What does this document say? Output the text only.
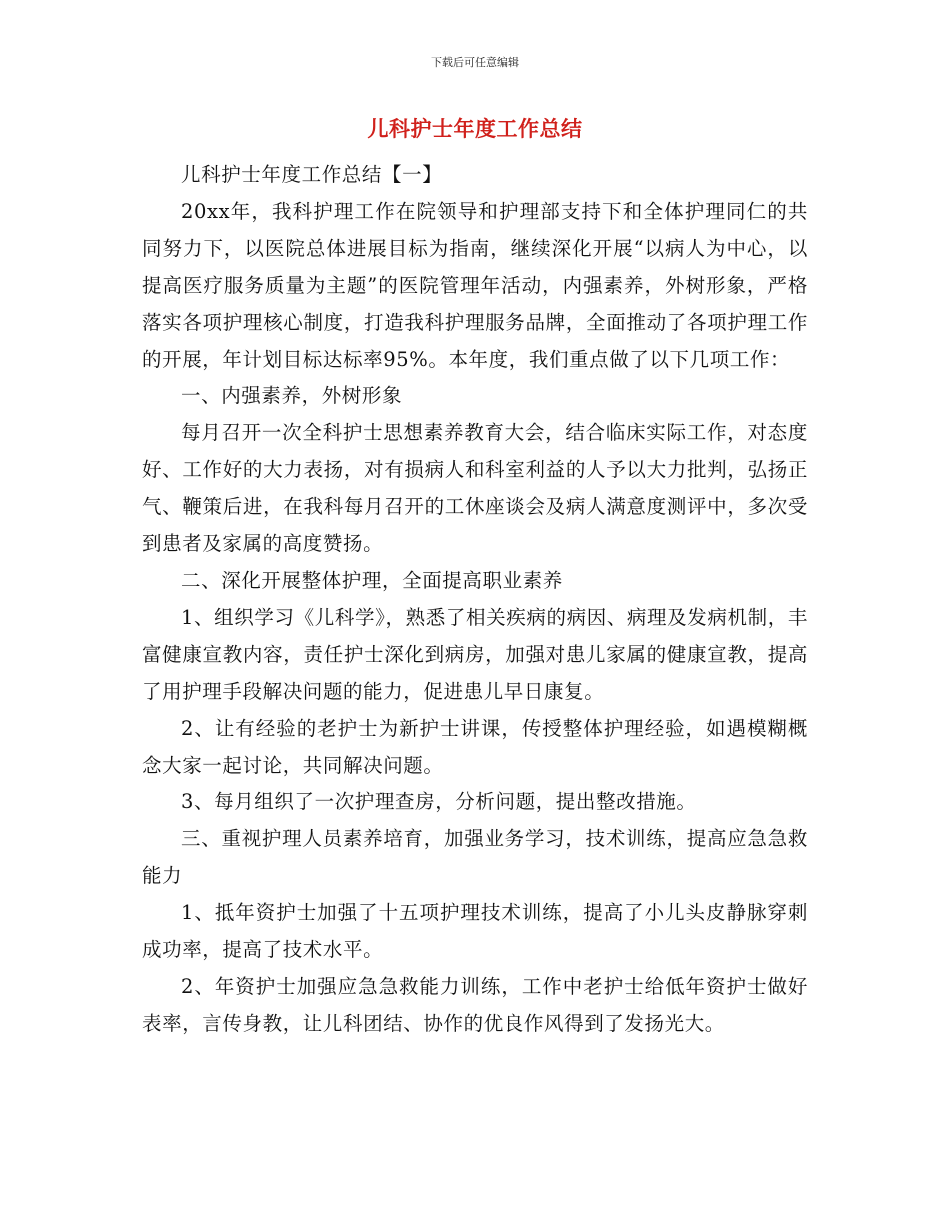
下载后可任意编辑
儿科护士年度工作总结

儿科护士年度工作总结【一】

20xx年，我科护理工作在院领导和护理部支持下和全体护理同仁的共同努力下，以医院总体进展目标为指南，继续深化开展“以病人为中心，以提高医疗服务质量为主题”的医院管理年活动，内强素养，外树形象，严格落实各项护理核心制度，打造我科护理服务品牌，全面推动了各项护理工作的开展，年计划目标达标率95%。本年度，我们重点做了以下几项工作：

一、内强素养，外树形象

每月召开一次全科护士思想素养教育大会，结合临床实际工作，对态度好、工作好的大力表扬，对有损病人和科室利益的人予以大力批判，弘扬正气、鞭策后进，在我科每月召开的工休座谈会及病人满意度测评中，多次受到患者及家属的高度赞扬。

二、深化开展整体护理，全面提高职业素养

1、组织学习《儿科学》，熟悉了相关疾病的病因、病理及发病机制，丰富健康宣教内容，责任护士深化到病房，加强对患儿家属的健康宣教，提高了用护理手段解决问题的能力，促进患儿早日康复。

2、让有经验的老护士为新护士讲课，传授整体护理经验，如遇模糊概念大家一起讨论，共同解决问题。

3、每月组织了一次护理查房，分析问题，提出整改措施。

三、重视护理人员素养培育，加强业务学习，技术训练，提高应急急救能力

1、抵年资护士加强了十五项护理技术训练，提高了小儿头皮静脉穿刺成功率，提高了技术水平。

2、年资护士加强应急急救能力训练，工作中老护士给低年资护士做好表率，言传身教，让儿科团结、协作的优良作风得到了发扬光大。
